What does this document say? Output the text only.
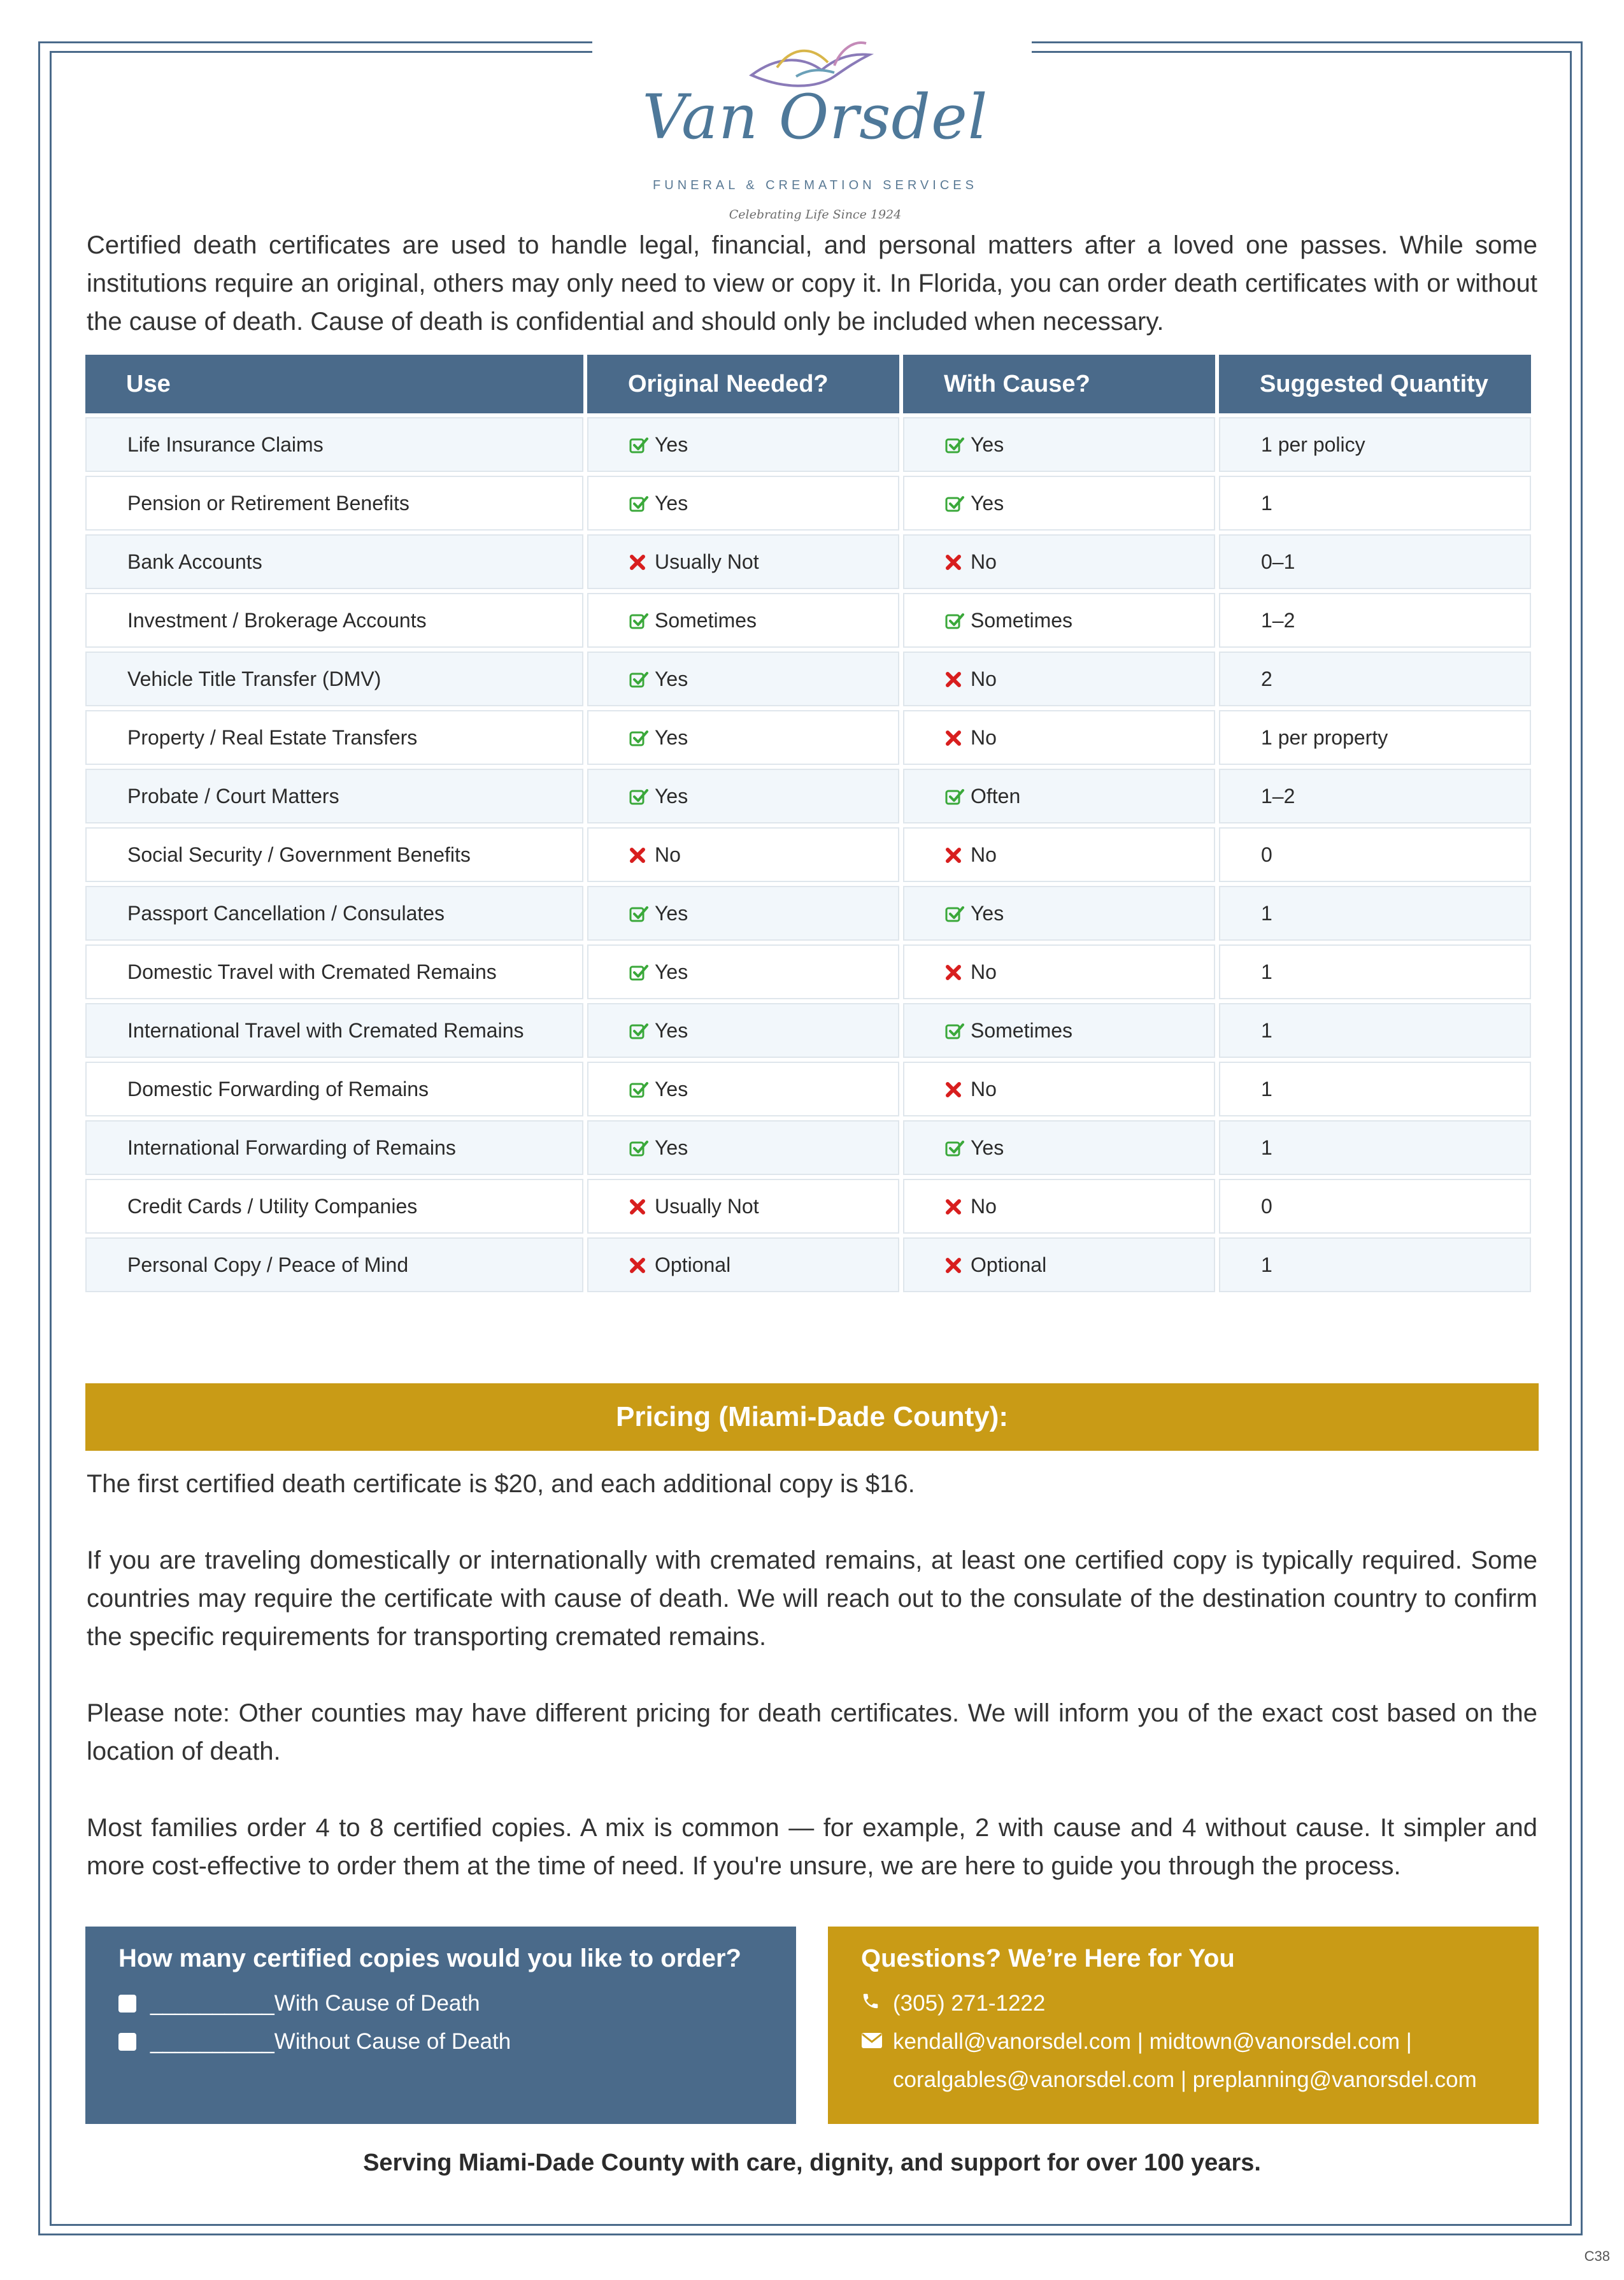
Van Orsdel
FUNERAL & CREMATION SERVICES
Celebrating Life Since 1924
Certified death certificates are used to handle legal, financial, and personal matters after a loved one passes. While some institutions require an original, others may only need to view or copy it. In Florida, you can order death certificates with or without the cause of death. Cause of death is confidential and should only be included when necessary.
Use	Original Needed?	With Cause?	Suggested Quantity
Life Insurance Claims	Yes	Yes	1 per policy
Pension or Retirement Benefits	Yes	Yes	1
Bank Accounts	Usually Not	No	0–1
Investment / Brokerage Accounts	Sometimes	Sometimes	1–2
Vehicle Title Transfer (DMV)	Yes	No	2
Property / Real Estate Transfers	Yes	No	1 per property
Probate / Court Matters	Yes	Often	1–2
Social Security / Government Benefits	No	No	0
Passport Cancellation / Consulates	Yes	Yes	1
Domestic Travel with Cremated Remains	Yes	No	1
International Travel with Cremated Remains	Yes	Sometimes	1
Domestic Forwarding of Remains	Yes	No	1
International Forwarding of Remains	Yes	Yes	1
Credit Cards / Utility Companies	Usually Not	No	0
Personal Copy / Peace of Mind	Optional	Optional	1
Pricing (Miami-Dade County):
The first certified death certificate is $20, and each additional copy is $16.
If you are traveling domestically or internationally with cremated remains, at least one certified copy is typically required. Some countries may require the certificate with cause of death. We will reach out to the consulate of the destination country to confirm the specific requirements for transporting cremated remains.
Please note: Other counties may have different pricing for death certificates. We will inform you of the exact cost based on the location of death.
Most families order 4 to 8 certified copies. A mix is common — for example, 2 with cause and 4 without cause. It simpler and more cost-effective to order them at the time of need. If you're unsure, we are here to guide you through the process.
How many certified copies would you like to order?
__________With Cause of Death
__________Without Cause of Death
Questions? We’re Here for You
(305) 271-1222
kendall@vanorsdel.com | midtown@vanorsdel.com |
coralgables@vanorsdel.com | preplanning@vanorsdel.com
Serving Miami-Dade County with care, dignity, and support for over 100 years.
C38
